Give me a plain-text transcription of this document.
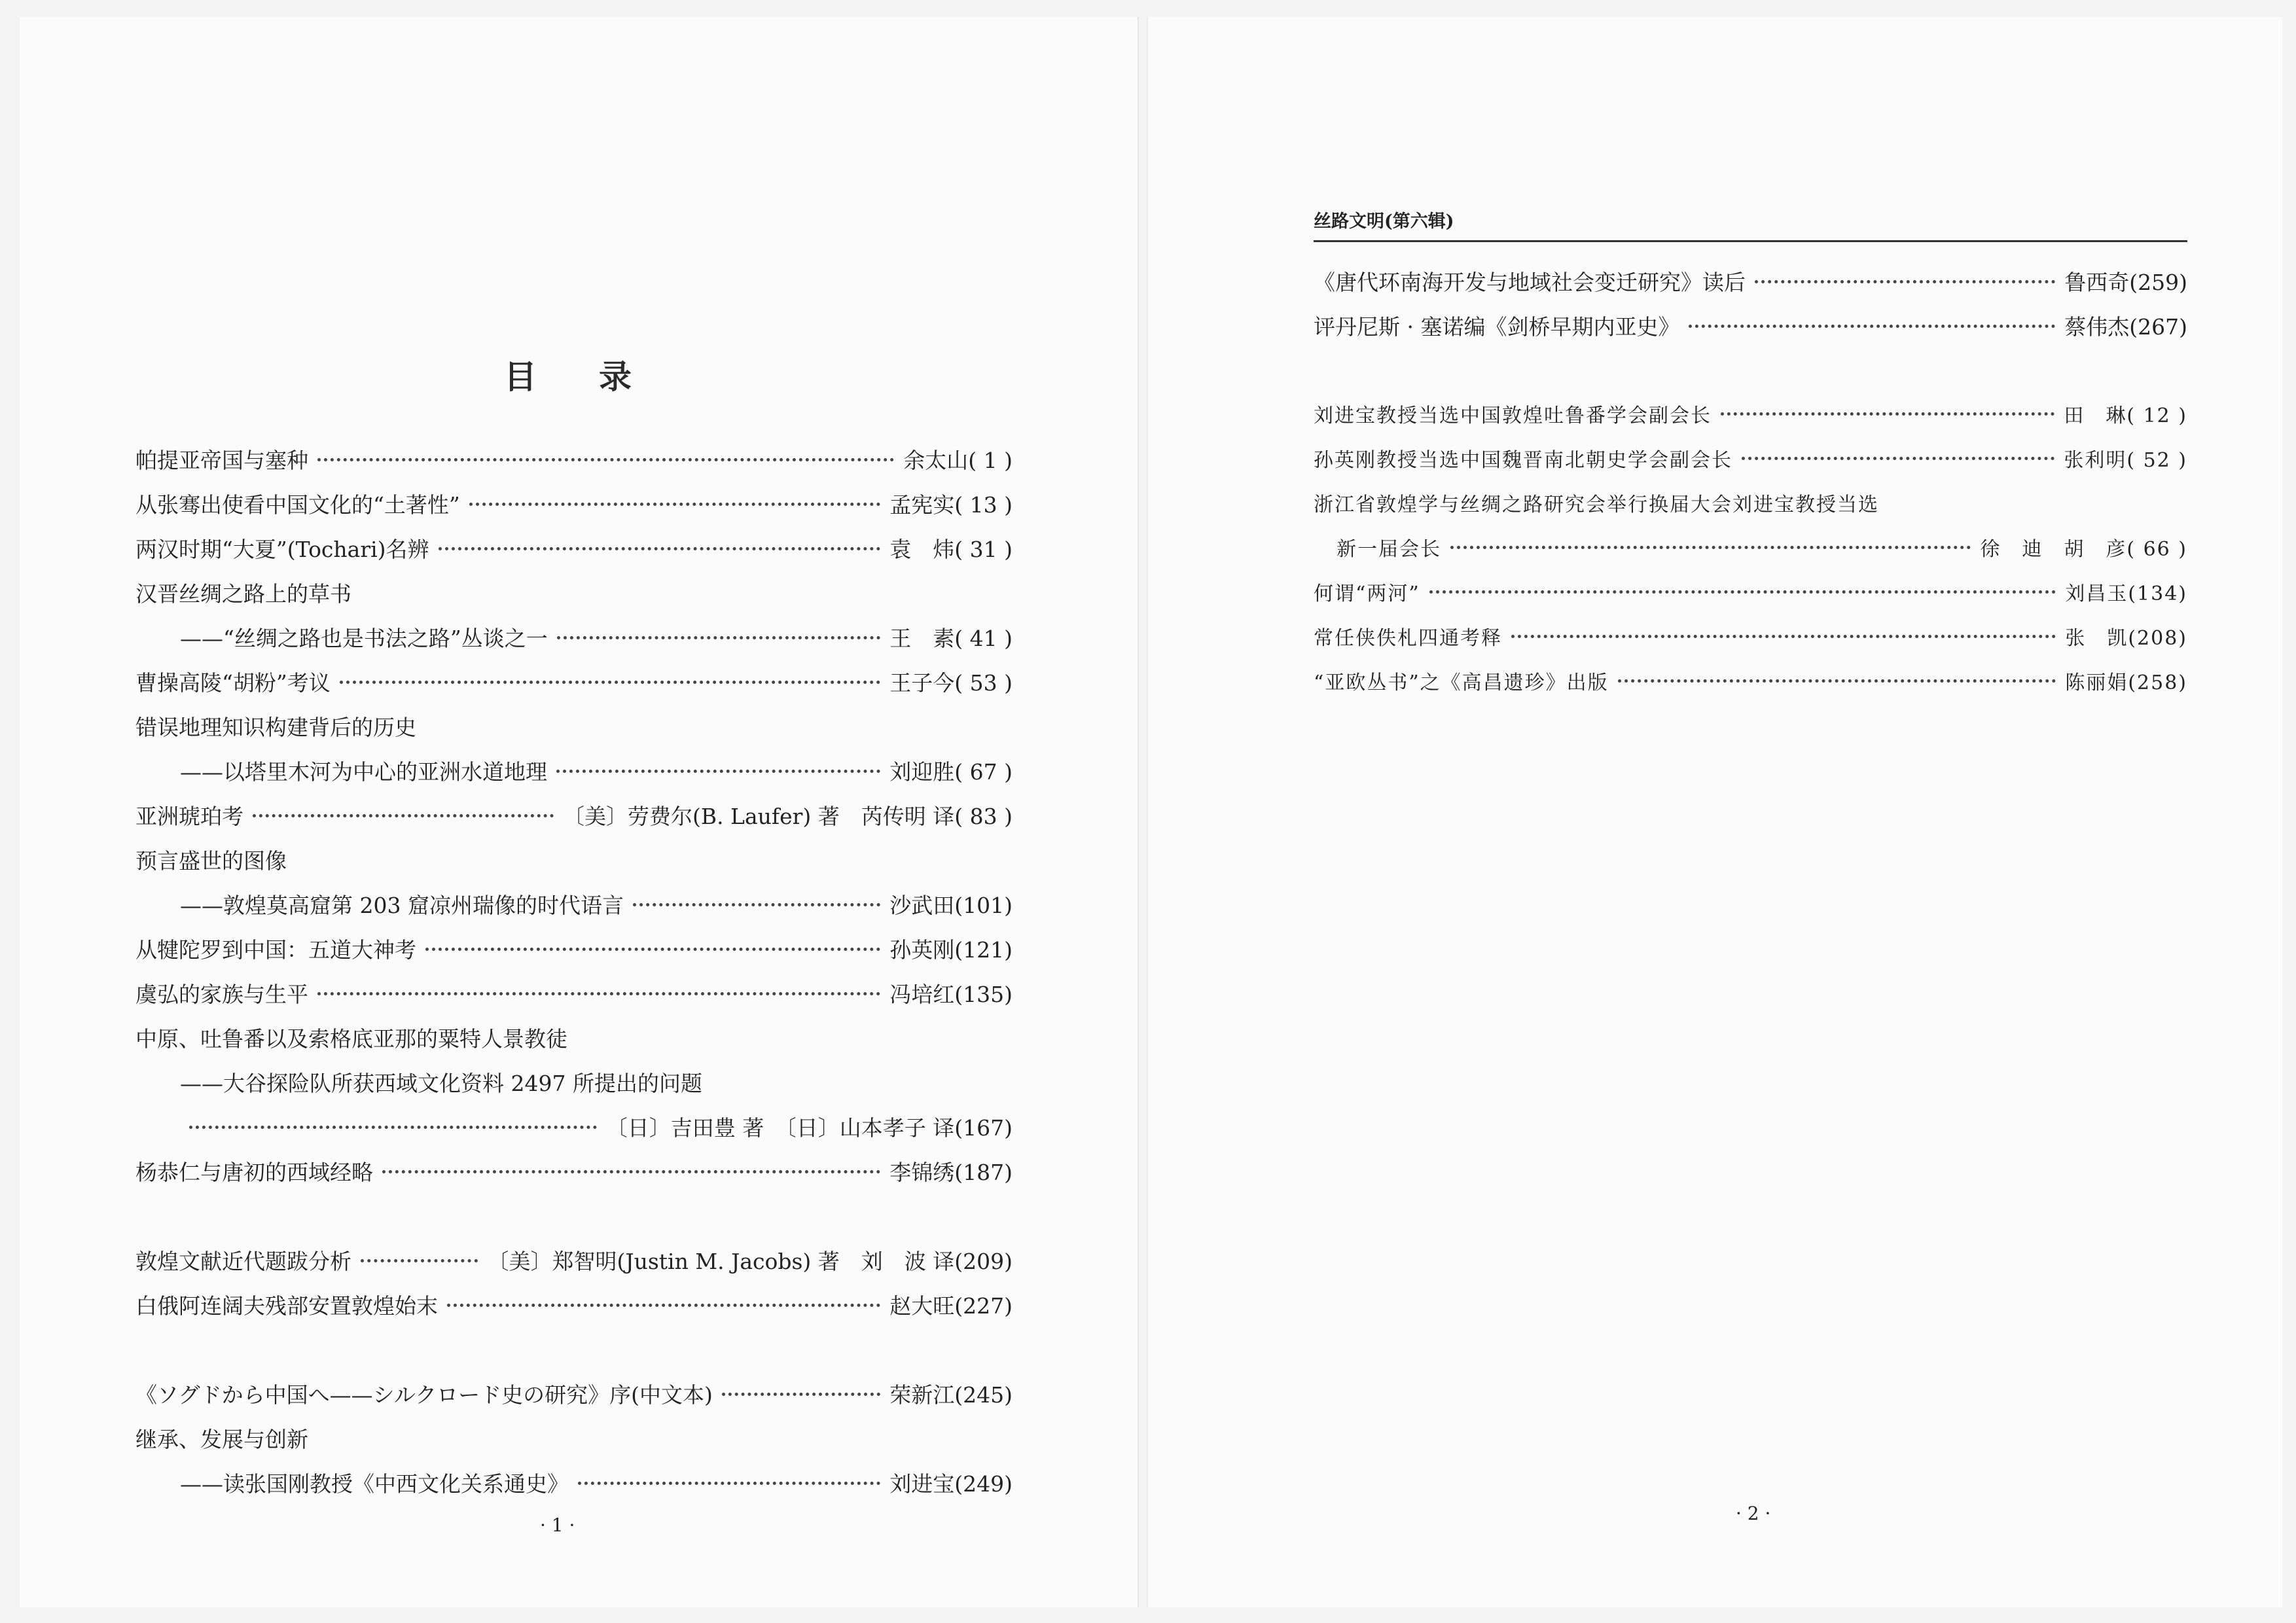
目录
帕提亚帝国与塞种	余太山( 1 )
从张骞出使看中国文化的“土著性”	孟宪实( 13 )
两汉时期“大夏”(Tochari)名辨	袁　炜( 31 )
汉晋丝绸之路上的草书
——“丝绸之路也是书法之路”丛谈之一	王　素( 41 )
曹操高陵“胡粉”考议	王子今( 53 )
错误地理知识构建背后的历史
——以塔里木河为中心的亚洲水道地理	刘迎胜( 67 )
亚洲琥珀考	〔美〕劳费尔(B. Laufer) 著　芮传明 译( 83 )
预言盛世的图像
——敦煌莫高窟第 203 窟凉州瑞像的时代语言	沙武田(101)
从犍陀罗到中国：五道大神考	孙英刚(121)
虞弘的家族与生平	冯培红(135)
中原、吐鲁番以及索格底亚那的粟特人景教徒
——大谷探险队所获西域文化资料 2497 所提出的问题
〔日〕吉田豊 著　〔日〕山本孝子 译(167)
杨恭仁与唐初的西域经略	李锦绣(187)
敦煌文献近代题跋分析	〔美〕郑智明(Justin M. Jacobs) 著　刘　波 译(209)
白俄阿连阔夫残部安置敦煌始末	赵大旺(227)
《ソグドから中国へ——シルクロード史の研究》序(中文本)	荣新江(245)
继承、发展与创新
——读张国刚教授《中西文化关系通史》	刘进宝(249)
· 1 ·
丝路文明(第六辑)
《唐代环南海开发与地域社会变迁研究》读后	鲁西奇(259)
评丹尼斯 · 塞诺编《剑桥早期内亚史》	蔡伟杰(267)
刘进宝教授当选中国敦煌吐鲁番学会副会长	田　琳( 12 )
孙英刚教授当选中国魏晋南北朝史学会副会长	张利明( 52 )
浙江省敦煌学与丝绸之路研究会举行换届大会刘进宝教授当选
新一届会长	徐　迪　胡　彦( 66 )
何谓“两河”	刘昌玉(134)
常任侠佚札四通考释	张　凯(208)
“亚欧丛书”之《高昌遗珍》出版	陈丽娟(258)
· 2 ·
